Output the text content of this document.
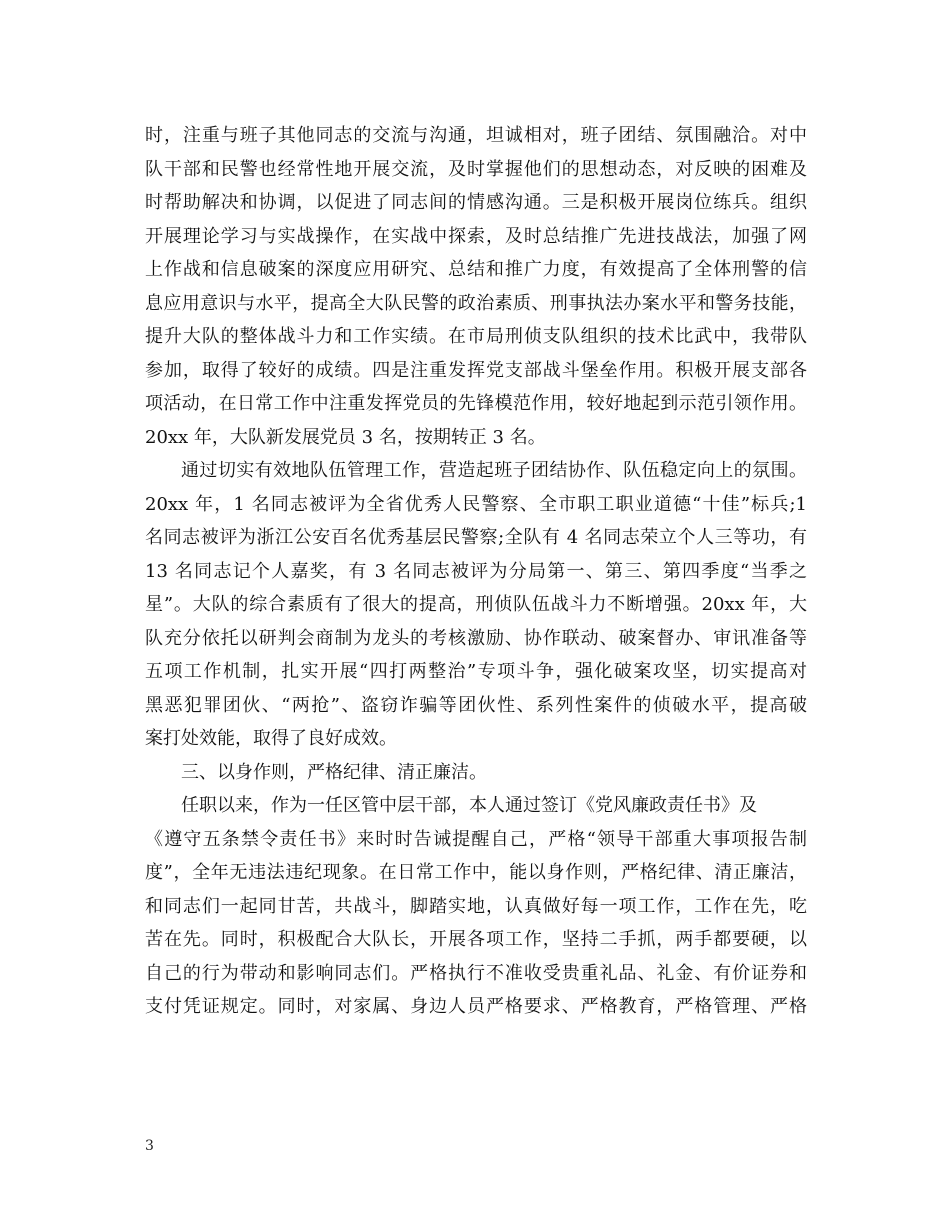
时，注重与班子其他同志的交流与沟通，坦诚相对，班子团结、氛围融洽。对中
队干部和民警也经常性地开展交流，及时掌握他们的思想动态，对反映的困难及
时帮助解决和协调，以促进了同志间的情感沟通。三是积极开展岗位练兵。组织
开展理论学习与实战操作，在实战中探索，及时总结推广先进技战法，加强了网
上作战和信息破案的深度应用研究、总结和推广力度，有效提高了全体刑警的信
息应用意识与水平，提高全大队民警的政治素质、刑事执法办案水平和警务技能，
提升大队的整体战斗力和工作实绩。在市局刑侦支队组织的技术比武中，我带队
参加，取得了较好的成绩。四是注重发挥党支部战斗堡垒作用。积极开展支部各
项活动，在日常工作中注重发挥党员的先锋模范作用，较好地起到示范引领作用。
20xx 年，大队新发展党员 3 名，按期转正 3 名。
通过切实有效地队伍管理工作，营造起班子团结协作、队伍稳定向上的氛围。
20xx 年，1 名同志被评为全省优秀人民警察、全市职工职业道德“十佳”标兵;1
名同志被评为浙江公安百名优秀基层民警察;全队有 4 名同志荣立个人三等功，有
13 名同志记个人嘉奖，有 3 名同志被评为分局第一、第三、第四季度“当季之
星”。大队的综合素质有了很大的提高，刑侦队伍战斗力不断增强。20xx 年，大
队充分依托以研判会商制为龙头的考核激励、协作联动、破案督办、审讯准备等
五项工作机制，扎实开展“四打两整治”专项斗争，强化破案攻坚，切实提高对
黑恶犯罪团伙、“两抢”、盗窃诈骗等团伙性、系列性案件的侦破水平，提高破
案打处效能，取得了良好成效。
三、以身作则，严格纪律、清正廉洁。
任职以来，作为一任区管中层干部，本人通过签订《党风廉政责任书》及
《遵守五条禁令责任书》来时时告诫提醒自己，严格“领导干部重大事项报告制
度”，全年无违法违纪现象。在日常工作中，能以身作则，严格纪律、清正廉洁，
和同志们一起同甘苦，共战斗，脚踏实地，认真做好每一项工作，工作在先，吃
苦在先。同时，积极配合大队长，开展各项工作，坚持二手抓，两手都要硬，以
自己的行为带动和影响同志们。严格执行不准收受贵重礼品、礼金、有价证券和
支付凭证规定。同时，对家属、身边人员严格要求、严格教育，严格管理、严格
3
